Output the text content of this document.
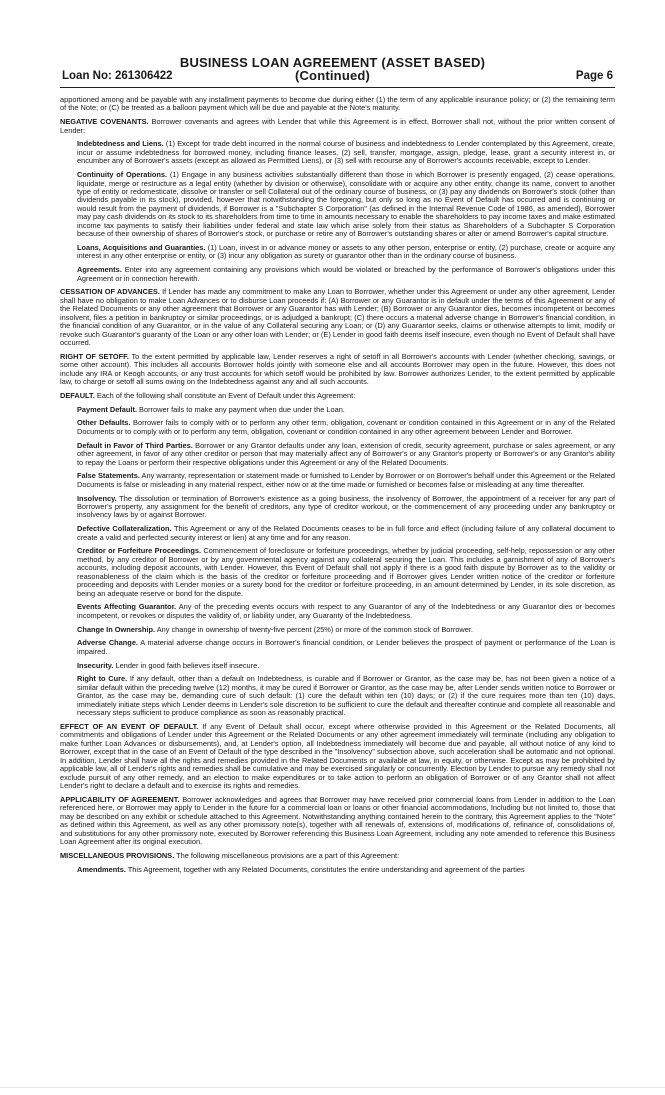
BUSINESS LOAN AGREEMENT (ASSET BASED)
(Continued)
Loan No: 261306422	Page 6

apportioned among and be payable with any installment payments to become due during either (1) the term of any applicable insurance policy; or (2) the remaining term of the Note; or (C) be treated as a balloon payment which will be due and payable at the Note's maturity.

NEGATIVE COVENANTS. Borrower covenants and agrees with Lender that while this Agreement is in effect, Borrower shall not, without the prior written consent of Lender:

Indebtedness and Liens. (1) Except for trade debt incurred in the normal course of business and indebtedness to Lender contemplated by this Agreement, create, incur or assume indebtedness for borrowed money, including finance leases, (2) sell, transfer, mortgage, assign, pledge, lease, grant a security interest in, or encumber any of Borrower's assets (except as allowed as Permitted Liens), or (3) sell with recourse any of Borrower's accounts receivable, except to Lender.

Continuity of Operations. (1) Engage in any business activities substantially different than those in which Borrower is presently engaged, (2) cease operations, liquidate, merge or restructure as a legal entity (whether by division or otherwise), consolidate with or acquire any other entity, change its name, convert to another type of entity or redomesticate, dissolve or transfer or sell Collateral out of the ordinary course of business, or (3) pay any dividends on Borrower's stock (other than dividends payable in its stock), provided, however that notwithstanding the foregoing, but only so long as no Event of Default has occurred and is continuing or would result from the payment of dividends, if Borrower is a "Subchapter S Corporation" (as defined in the Internal Revenue Code of 1986, as amended), Borrower may pay cash dividends on its stock to its shareholders from time to time in amounts necessary to enable the shareholders to pay income taxes and make estimated income tax payments to satisfy their liabilities under federal and state law which arise solely from their status as Shareholders of a Subchapter S Corporation because of their ownership of shares of Borrower's stock, or purchase or retire any of Borrower's outstanding shares or alter or amend Borrower's capital structure.

Loans, Acquisitions and Guaranties. (1) Loan, invest in or advance money or assets to any other person, enterprise or entity, (2) purchase, create or acquire any interest in any other enterprise or entity, or (3) incur any obligation as surety or guarantor other than in the ordinary course of business.

Agreements. Enter into any agreement containing any provisions which would be violated or breached by the performance of Borrower's obligations under this Agreement or in connection herewith.

CESSATION OF ADVANCES. If Lender has made any commitment to make any Loan to Borrower, whether under this Agreement or under any other agreement, Lender shall have no obligation to make Loan Advances or to disburse Loan proceeds if: (A) Borrower or any Guarantor is in default under the terms of this Agreement or any of the Related Documents or any other agreement that Borrower or any Guarantor has with Lender; (B) Borrower or any Guarantor dies, becomes incompetent or becomes insolvent, files a petition in bankruptcy or similar proceedings, or is adjudged a bankrupt; (C) there occurs a material adverse change in Borrower's financial condition, in the financial condition of any Guarantor, or in the value of any Collateral securing any Loan; or (D) any Guarantor seeks, claims or otherwise attempts to limit, modify or revoke such Guarantor's guaranty of the Loan or any other loan with Lender; or (E) Lender in good faith deems itself insecure, even though no Event of Default shall have occurred.

RIGHT OF SETOFF. To the extent permitted by applicable law, Lender reserves a right of setoff in all Borrower's accounts with Lender (whether checking, savings, or some other account). This includes all accounts Borrower holds jointly with someone else and all accounts Borrower may open in the future. However, this does not include any IRA or Keogh accounts, or any trust accounts for which setoff would be prohibited by law. Borrower authorizes Lender, to the extent permitted by applicable law, to charge or setoff all sums owing on the Indebtedness against any and all such accounts.

DEFAULT. Each of the following shall constitute an Event of Default under this Agreement:

Payment Default. Borrower fails to make any payment when due under the Loan.

Other Defaults. Borrower fails to comply with or to perform any other term, obligation, covenant or condition contained in this Agreement or in any of the Related Documents or to comply with or to perform any term, obligation, covenant or condition contained in any other agreement between Lender and Borrower.

Default in Favor of Third Parties. Borrower or any Grantor defaults under any loan, extension of credit, security agreement, purchase or sales agreement, or any other agreement, in favor of any other creditor or person that may materially affect any of Borrower's or any Grantor's property or Borrower's or any Grantor's ability to repay the Loans or perform their respective obligations under this Agreement or any of the Related Documents.

False Statements. Any warranty, representation or statement made or furnished to Lender by Borrower or on Borrower's behalf under this Agreement or the Related Documents is false or misleading in any material respect, either now or at the time made or furnished or becomes false or misleading at any time thereafter.

Insolvency. The dissolution or termination of Borrower's existence as a going business, the insolvency of Borrower, the appointment of a receiver for any part of Borrower's property, any assignment for the benefit of creditors, any type of creditor workout, or the commencement of any proceeding under any bankruptcy or insolvency laws by or against Borrower.

Defective Collateralization. This Agreement or any of the Related Documents ceases to be in full force and effect (including failure of any collateral document to create a valid and perfected security interest or lien) at any time and for any reason.

Creditor or Forfeiture Proceedings. Commencement of foreclosure or forfeiture proceedings, whether by judicial proceeding, self-help, repossession or any other method, by any creditor of Borrower or by any governmental agency against any collateral securing the Loan. This includes a garnishment of any of Borrower's accounts, including deposit accounts, with Lender. However, this Event of Default shall not apply if there is a good faith dispute by Borrower as to the validity or reasonableness of the claim which is the basis of the creditor or forfeiture proceeding and if Borrower gives Lender written notice of the creditor or forfeiture proceeding and deposits with Lender monies or a surety bond for the creditor or forfeiture proceeding, in an amount determined by Lender, in its sole discretion, as being an adequate reserve or bond for the dispute.

Events Affecting Guarantor. Any of the preceding events occurs with respect to any Guarantor of any of the Indebtedness or any Guarantor dies or becomes incompetent, or revokes or disputes the validity of, or liability under, any Guaranty of the Indebtedness.

Change In Ownership. Any change in ownership of twenty-five percent (25%) or more of the common stock of Borrower.

Adverse Change. A material adverse change occurs in Borrower's financial condition, or Lender believes the prospect of payment or performance of the Loan is impaired.

Insecurity. Lender in good faith believes itself insecure.

Right to Cure. If any default, other than a default on Indebtedness, is curable and if Borrower or Grantor, as the case may be, has not been given a notice of a similar default within the preceding twelve (12) months, it may be cured if Borrower or Grantor, as the case may be, after Lender sends written notice to Borrower or Grantor, as the case may be, demanding cure of such default: (1) cure the default within ten (10) days; or (2) if the cure requires more than ten (10) days, immediately initiate steps which Lender deems in Lender's sole discretion to be sufficient to cure the default and thereafter continue and complete all reasonable and necessary steps sufficient to produce compliance as soon as reasonably practical.

EFFECT OF AN EVENT OF DEFAULT. If any Event of Default shall occur, except where otherwise provided in this Agreement or the Related Documents, all commitments and obligations of Lender under this Agreement or the Related Documents or any other agreement immediately will terminate (including any obligation to make further Loan Advances or disbursements), and, at Lender's option, all Indebtedness immediately will become due and payable, all without notice of any kind to Borrower, except that in the case of an Event of Default of the type described in the "Insolvency" subsection above, such acceleration shall be automatic and not optional. In addition, Lender shall have all the rights and remedies provided in the Related Documents or available at law, in equity, or otherwise. Except as may be prohibited by applicable law, all of Lender's rights and remedies shall be cumulative and may be exercised singularly or concurrently. Election by Lender to pursue any remedy shall not exclude pursuit of any other remedy, and an election to make expenditures or to take action to perform an obligation of Borrower or of any Grantor shall not affect Lender's right to declare a default and to exercise its rights and remedies.

APPLICABILITY OF AGREEMENT. Borrower acknowledges and agrees that Borrower may have received prior commercial loans from Lender in addition to the Loan referenced here, or Borrower may apply to Lender in the future for a commercial loan or loans or other financial accommodations, Including but not limited to, those that may be described on any exhibit or schedule attached to this Agreement. Notwithstanding anything contained herein to the contrary, this Agreement applies to the "Note" as defined within this Agreement, as well as any other promissory note(s), together with all renewals of, extensions of, modifications of, refinance of, consolidations of, and substitutions for any other promissory note, executed by Borrower referencing this Business Loan Agreement, including any note amended to reference this Business Loan Agreement after its original execution.

MISCELLANEOUS PROVISIONS. The following miscellaneous provisions are a part of this Agreement:

Amendments. This Agreement, together with any Related Documents, constitutes the entire understanding and agreement of the parties
